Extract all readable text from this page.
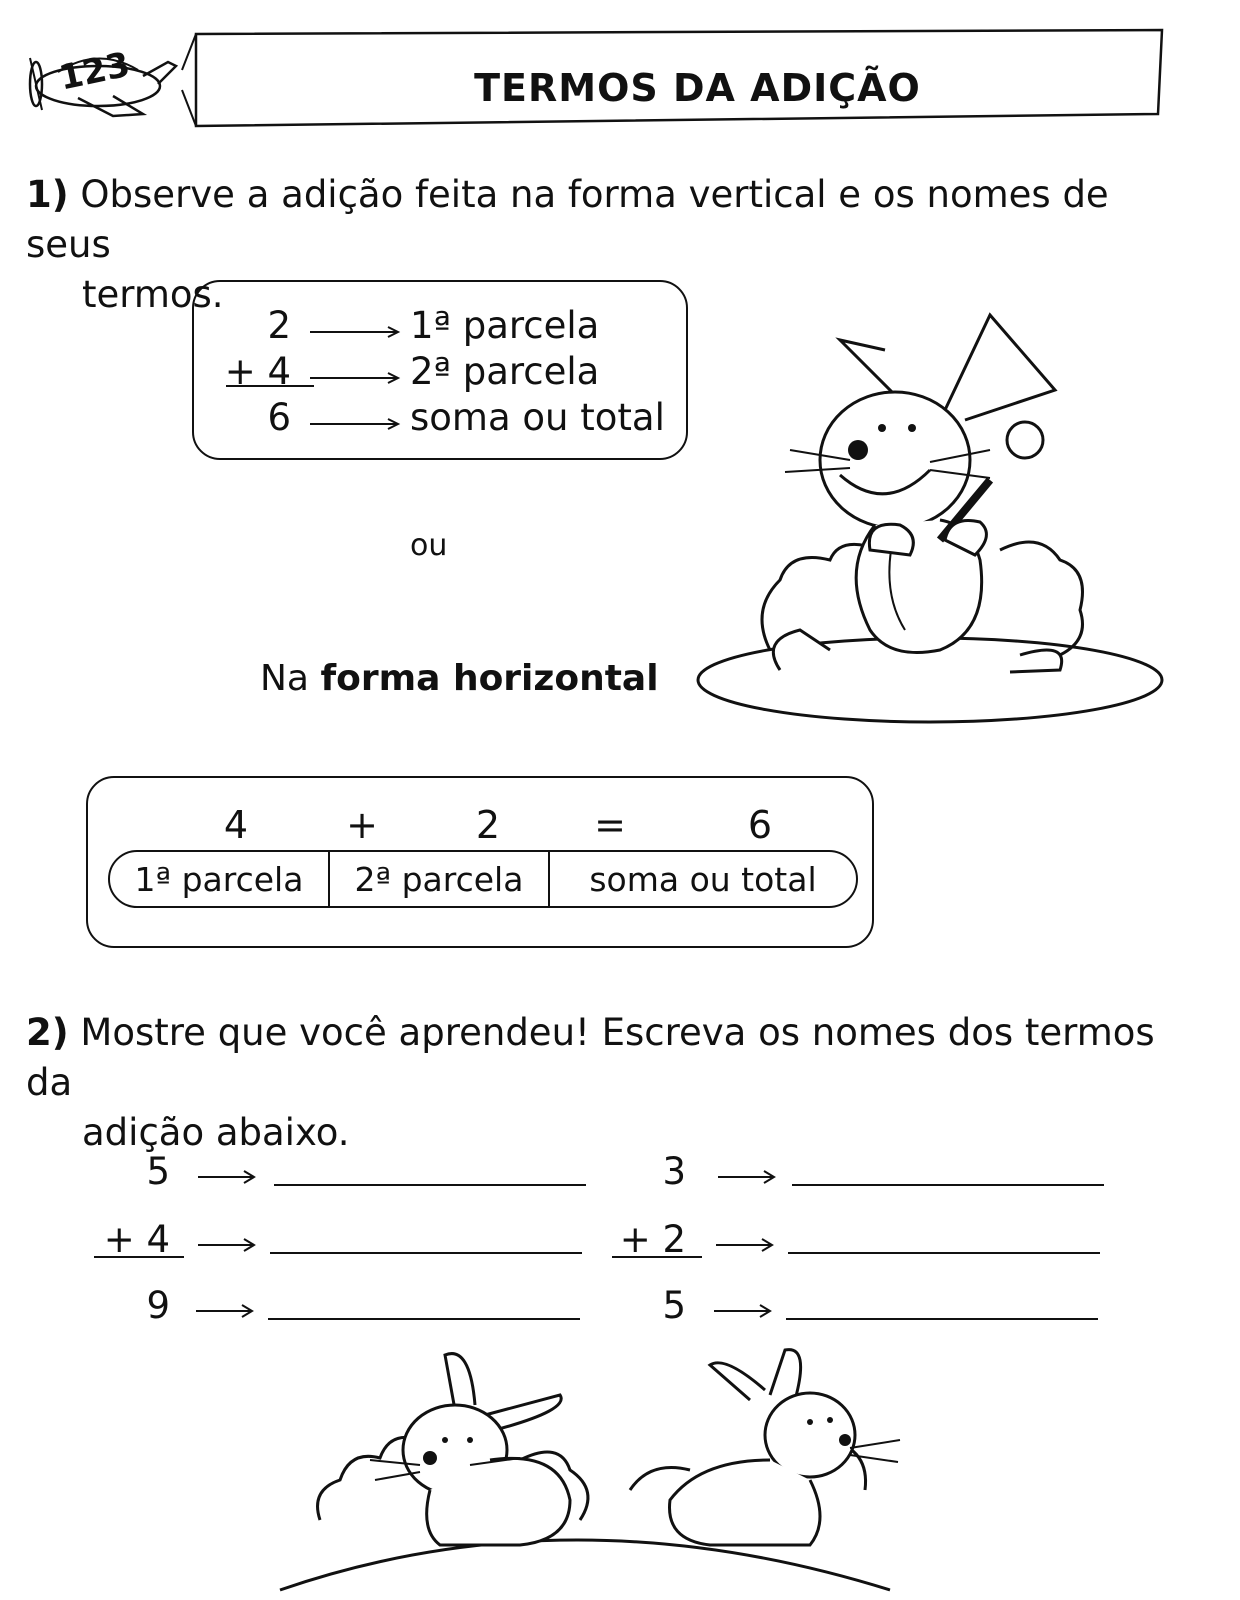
123	TERMOS DA ADIÇÃO
1) Observe a adição feita na forma vertical e os nomes de seus
termos.
2	1ª parcela
+ 4	2ª parcela
6	soma ou total
ou
Na forma horizontal
4	+	2	=	6
1ª parcela	2ª parcela	soma ou total
2) Mostre que você aprendeu! Escreva os nomes dos termos da
adição abaixo.
5
+ 4
9
3
+ 2
5
